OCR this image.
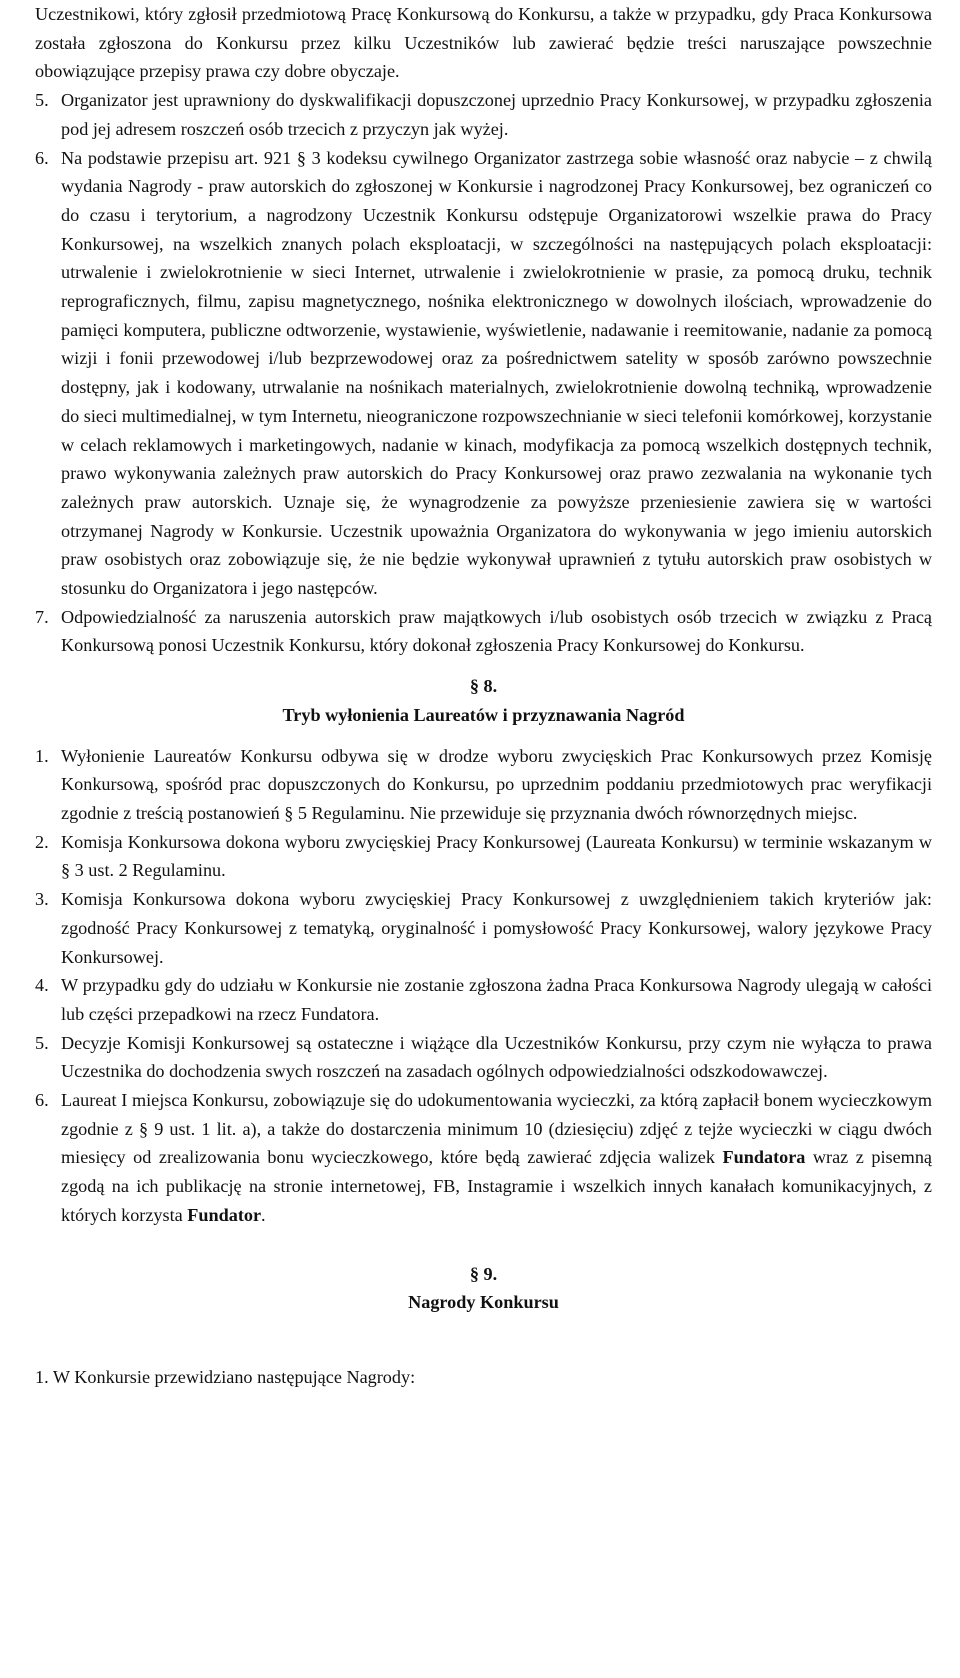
Uczestnikowi, który zgłosił przedmiotową Pracę Konkursową do Konkursu, a także w przypadku, gdy Praca Konkursowa została zgłoszona do Konkursu przez kilku Uczestników lub zawierać będzie treści naruszające powszechnie obowiązujące przepisy prawa czy dobre obyczaje.

5. Organizator jest uprawniony do dyskwalifikacji dopuszczonej uprzednio Pracy Konkursowej, w przypadku zgłoszenia pod jej adresem roszczeń osób trzecich z przyczyn jak wyżej.
6. Na podstawie przepisu art. 921 § 3 kodeksu cywilnego Organizator zastrzega sobie własność oraz nabycie – z chwilą wydania Nagrody - praw autorskich do zgłoszonej w Konkursie i nagrodzonej Pracy Konkursowej, bez ograniczeń co do czasu i terytorium, a nagrodzony Uczestnik Konkursu odstępuje Organizatorowi wszelkie prawa do Pracy Konkursowej, na wszelkich znanych polach eksploatacji, w szczególności na następujących polach eksploatacji: utrwalenie i zwielokrotnienie w sieci Internet, utrwalenie i zwielokrotnienie w prasie, za pomocą druku, technik reprograficznych, filmu, zapisu magnetycznego, nośnika elektronicznego w dowolnych ilościach, wprowadzenie do pamięci komputera, publiczne odtworzenie, wystawienie, wyświetlenie, nadawanie i reemitowanie, nadanie za pomocą wizji i fonii przewodowej i/lub bezprzewodowej oraz za pośrednictwem satelity w sposób zarówno powszechnie dostępny, jak i kodowany, utrwalanie na nośnikach materialnych, zwielokrotnienie dowolną techniką, wprowadzenie do sieci multimedialnej, w tym Internetu, nieograniczone rozpowszechnianie w sieci telefonii komórkowej, korzystanie w celach reklamowych i marketingowych, nadanie w kinach, modyfikacja za pomocą wszelkich dostępnych technik, prawo wykonywania zależnych praw autorskich do Pracy Konkursowej oraz prawo zezwalania na wykonanie tych zależnych praw autorskich. Uznaje się, że wynagrodzenie za powyższe przeniesienie zawiera się w wartości otrzymanej Nagrody w Konkursie. Uczestnik upoważnia Organizatora do wykonywania w jego imieniu autorskich praw osobistych oraz zobowiązuje się, że nie będzie wykonywał uprawnień z tytułu autorskich praw osobistych w stosunku do Organizatora i jego następców.
7. Odpowiedzialność za naruszenia autorskich praw majątkowych i/lub osobistych osób trzecich w związku z Pracą Konkursową ponosi Uczestnik Konkursu, który dokonał zgłoszenia Pracy Konkursowej do Konkursu.
§ 8.
Tryb wyłonienia Laureatów i przyznawania Nagród
1. Wyłonienie Laureatów Konkursu odbywa się w drodze wyboru zwycięskich Prac Konkursowych przez Komisję Konkursową, spośród prac dopuszczonych do Konkursu, po uprzednim poddaniu przedmiotowych prac weryfikacji zgodnie z treścią postanowień § 5 Regulaminu. Nie przewiduje się przyznania dwóch równorzędnych miejsc.
2. Komisja Konkursowa dokona wyboru zwycięskiej Pracy Konkursowej (Laureata Konkursu) w terminie wskazanym w § 3 ust. 2 Regulaminu.
3. Komisja Konkursowa dokona wyboru zwycięskiej Pracy Konkursowej z uwzględnieniem takich kryteriów jak: zgodność Pracy Konkursowej z tematyką, oryginalność i pomysłowość Pracy Konkursowej, walory językowe Pracy Konkursowej.
4. W przypadku gdy do udziału w Konkursie nie zostanie zgłoszona żadna Praca Konkursowa Nagrody ulegają w całości lub części przepadkowi na rzecz Fundatora.
5. Decyzje Komisji Konkursowej są ostateczne i wiążące dla Uczestników Konkursu, przy czym nie wyłącza to prawa Uczestnika do dochodzenia swych roszczeń na zasadach ogólnych odpowiedzialności odszkodowawczej.
6. Laureat I miejsca Konkursu, zobowiązuje się do udokumentowania wycieczki, za którą zapłacił bonem wycieczkowym zgodnie z § 9 ust. 1 lit. a), a także do dostarczenia minimum 10 (dziesięciu) zdjęć z tejże wycieczki w ciągu dwóch miesięcy od zrealizowania bonu wycieczkowego, które będą zawierać zdjęcia walizek Fundatora wraz z pisemną zgodą na ich publikację na stronie internetowej, FB, Instagramie i wszelkich innych kanałach komunikacyjnych, z których korzysta Fundator.
§ 9.
Nagrody Konkursu

1. W Konkursie przewidziano następujące Nagrody:
